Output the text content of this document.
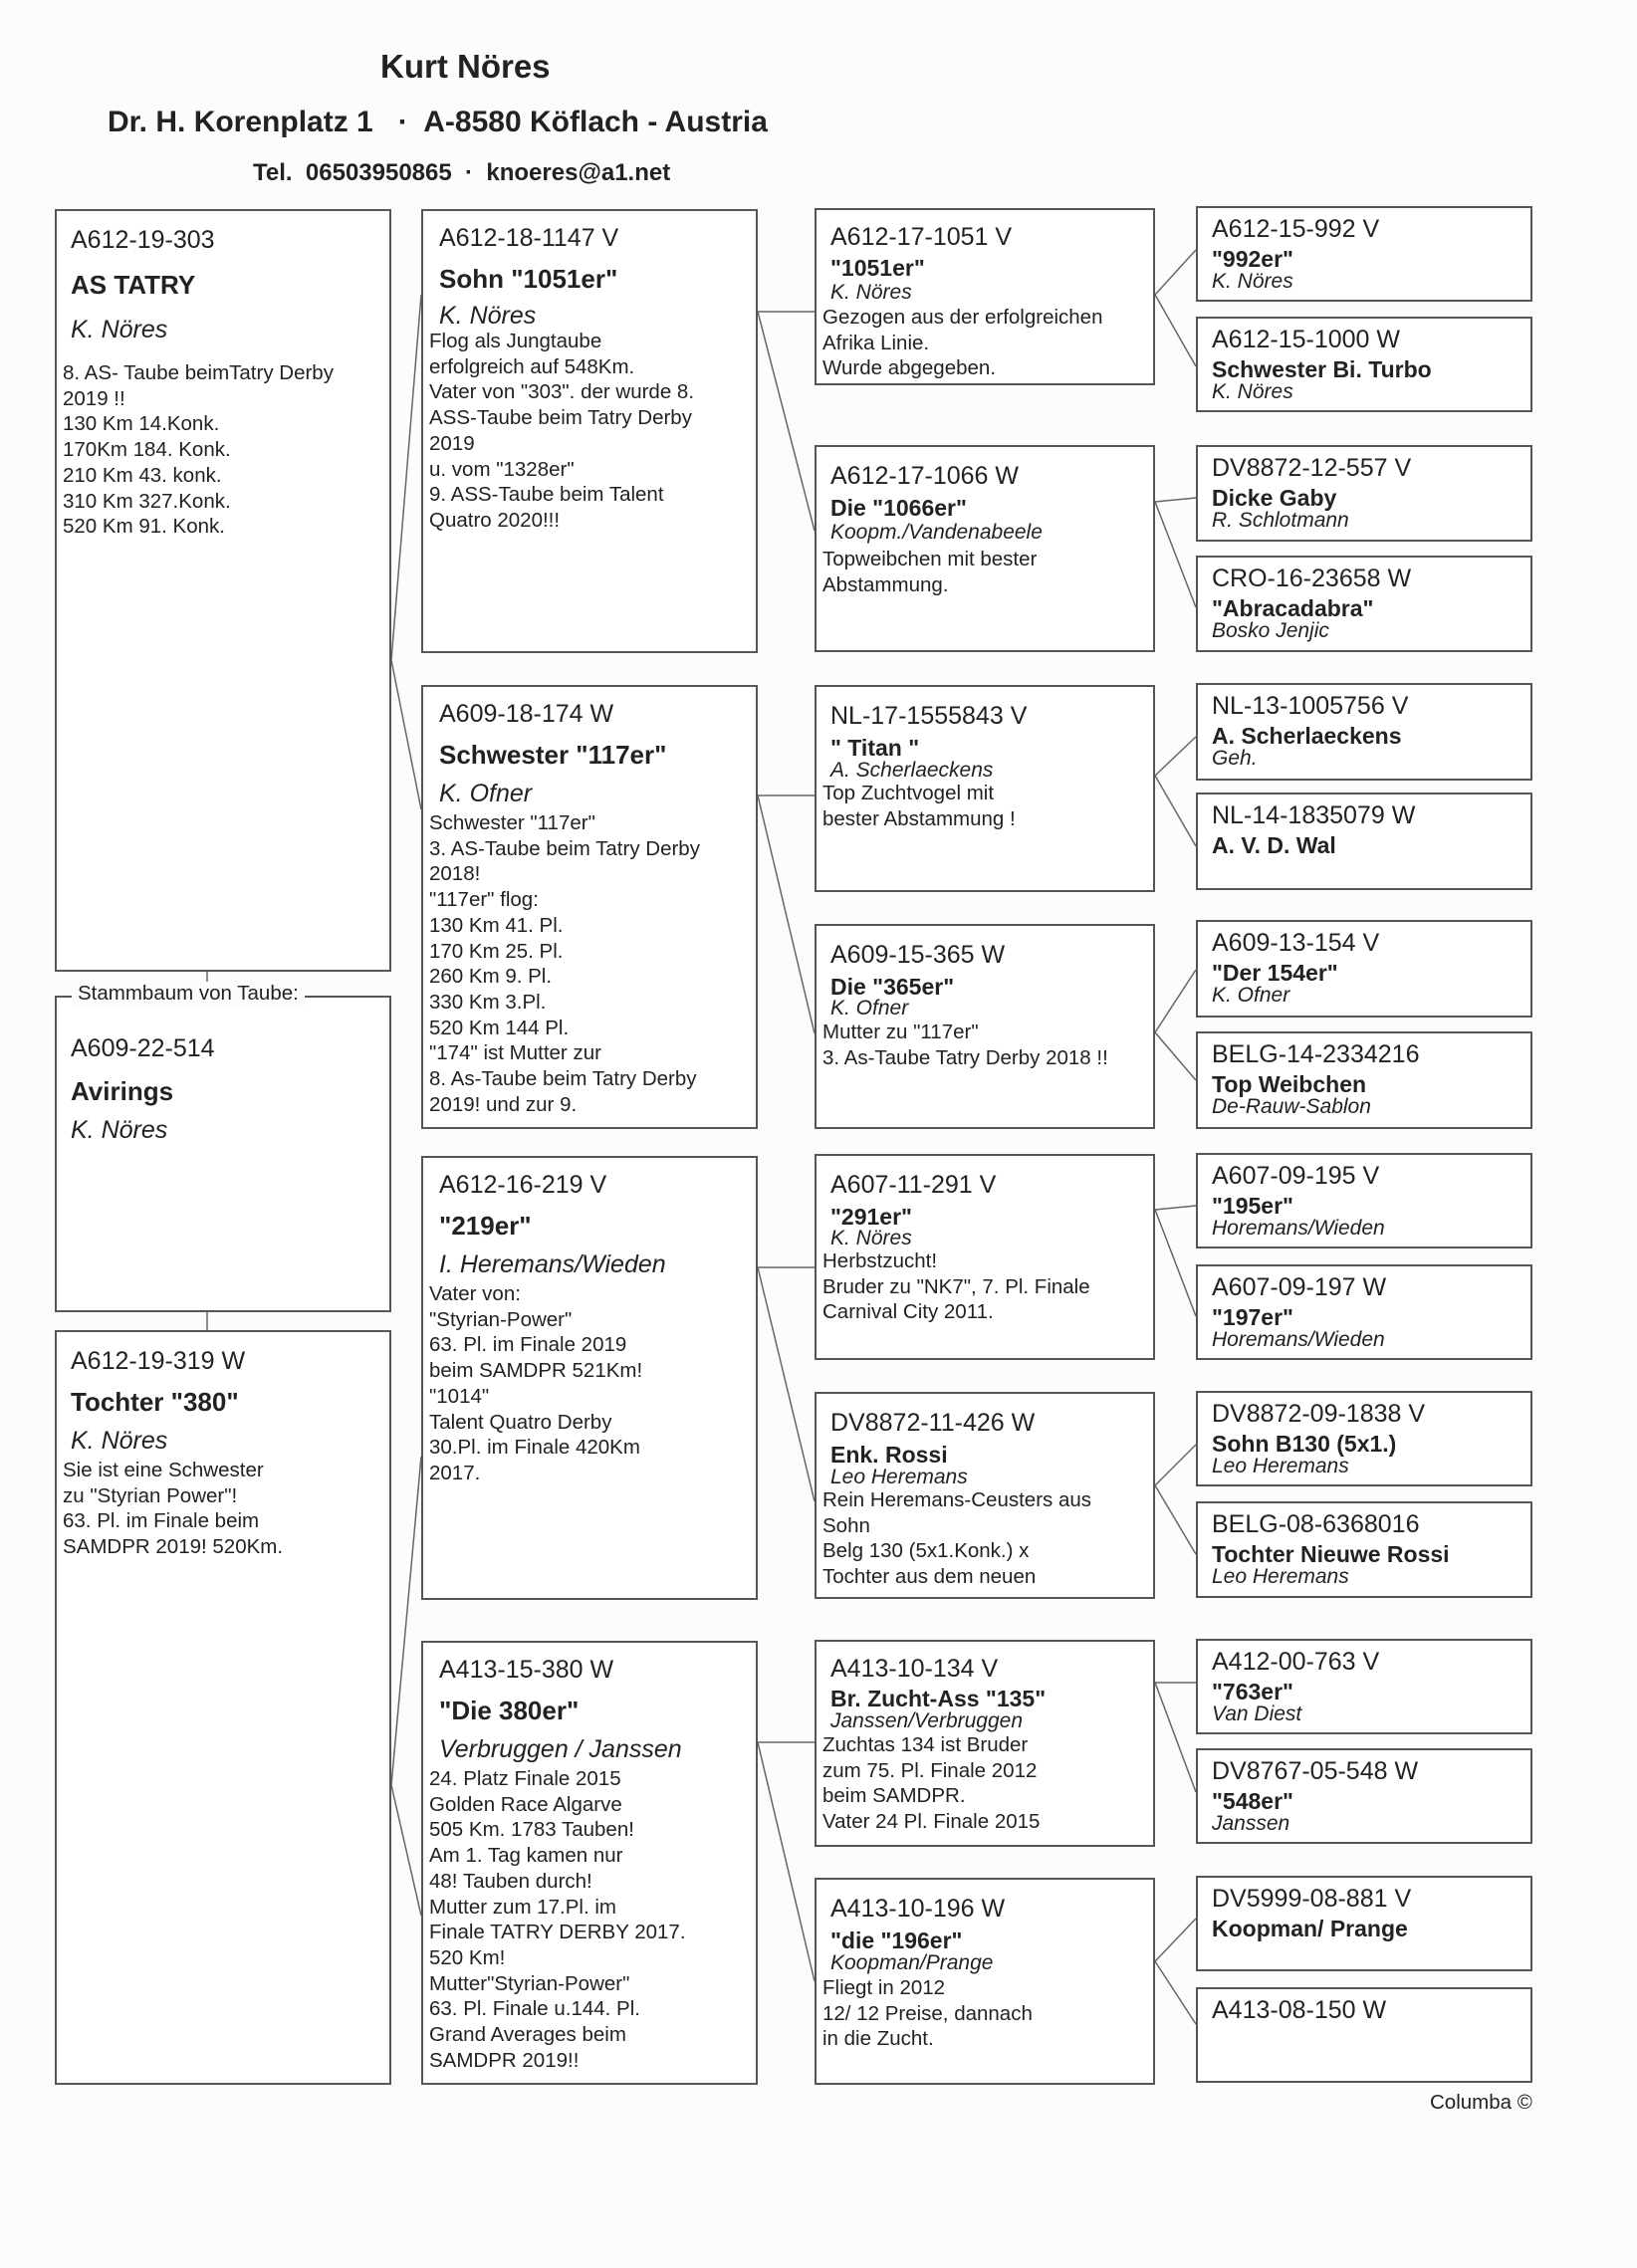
Kurt Nöres
Dr. H. Korenplatz 1   ·  A-8580 Köflach - Austria
Tel.  06503950865  ·  knoeres@a1.net
A612-19-303
AS TATRY
K. Nöres
8. AS- Taube beimTatry Derby
2019 !!
130 Km 14.Konk.
170Km 184. Konk.
210 Km 43. konk.
310 Km 327.Konk.
520 Km 91. Konk.
A609-22-514
Avirings
K. Nöres
Stammbaum von Taube:
A612-19-319 W
Tochter "380"
K. Nöres
Sie ist eine Schwester
zu "Styrian Power"!
63. Pl. im Finale beim
SAMDPR 2019! 520Km.
A612-18-1147 V
Sohn "1051er"
K. Nöres
Flog als Jungtaube
erfolgreich auf 548Km.
Vater von "303". der wurde 8.
ASS-Taube beim Tatry Derby
2019
u. vom "1328er"
9. ASS-Taube beim Talent
Quatro 2020!!!
A609-18-174 W
Schwester "117er"
K. Ofner
Schwester "117er"
3. AS-Taube beim Tatry Derby
2018!
"117er" flog:
130 Km 41. Pl.
170 Km 25. Pl.
260 Km 9. Pl.
330 Km 3.Pl.
520 Km 144 Pl.
"174" ist Mutter zur
8. As-Taube beim Tatry Derby
2019! und zur 9.
A612-16-219 V
"219er"
I. Heremans/Wieden
Vater von:
"Styrian-Power"
63. Pl. im Finale 2019
beim SAMDPR 521Km!
"1014"
Talent Quatro Derby
30.Pl. im Finale 420Km
2017.
A413-15-380 W
"Die 380er"
Verbruggen / Janssen
24. Platz Finale 2015
Golden Race Algarve
505 Km. 1783 Tauben!
Am 1. Tag kamen nur
48! Tauben durch!
Mutter zum 17.Pl. im
Finale TATRY DERBY 2017.
520 Km!
Mutter"Styrian-Power"
63. Pl. Finale u.144. Pl.
Grand Averages beim
SAMDPR 2019!!
A612-17-1051 V
"1051er"
K. Nöres
Gezogen aus der erfolgreichen
Afrika Linie.
Wurde abgegeben.
A612-17-1066 W
Die "1066er"
Koopm./Vandenabeele
Topweibchen mit bester
Abstammung.
NL-17-1555843 V
" Titan "
A. Scherlaeckens
Top Zuchtvogel mit
bester Abstammung !
A609-15-365 W
Die "365er"
K. Ofner
Mutter zu "117er"
3. As-Taube Tatry Derby 2018 !!
A607-11-291 V
"291er"
K. Nöres
Herbstzucht!
Bruder zu "NK7", 7. Pl. Finale
Carnival City 2011.
DV8872-11-426 W
Enk. Rossi
Leo Heremans
Rein Heremans-Ceusters aus
Sohn
Belg 130 (5x1.Konk.) x
Tochter aus dem neuen
A413-10-134 V
Br. Zucht-Ass "135"
Janssen/Verbruggen
Zuchtas 134 ist Bruder
zum 75. Pl. Finale 2012
beim SAMDPR.
Vater 24 Pl. Finale 2015
A413-10-196 W
"die "196er"
Koopman/Prange
Fliegt in 2012
12/ 12 Preise, dannach
in die Zucht.
A612-15-992 V
"992er"
K. Nöres
A612-15-1000 W
Schwester Bi. Turbo
K. Nöres
DV8872-12-557 V
Dicke Gaby
R. Schlotmann
CRO-16-23658 W
"Abracadabra"
Bosko Jenjic
NL-13-1005756 V
A. Scherlaeckens
Geh.
NL-14-1835079 W
A. V. D. Wal
A609-13-154 V
"Der 154er"
K. Ofner
BELG-14-2334216
Top Weibchen
De-Rauw-Sablon
A607-09-195 V
"195er"
Horemans/Wieden
A607-09-197 W
"197er"
Horemans/Wieden
DV8872-09-1838 V
Sohn B130 (5x1.)
Leo Heremans
BELG-08-6368016
Tochter Nieuwe Rossi
Leo Heremans
A412-00-763 V
"763er"
Van Diest
DV8767-05-548 W
"548er"
Janssen
DV5999-08-881 V
Koopman/ Prange
A413-08-150 W
Columba ©
